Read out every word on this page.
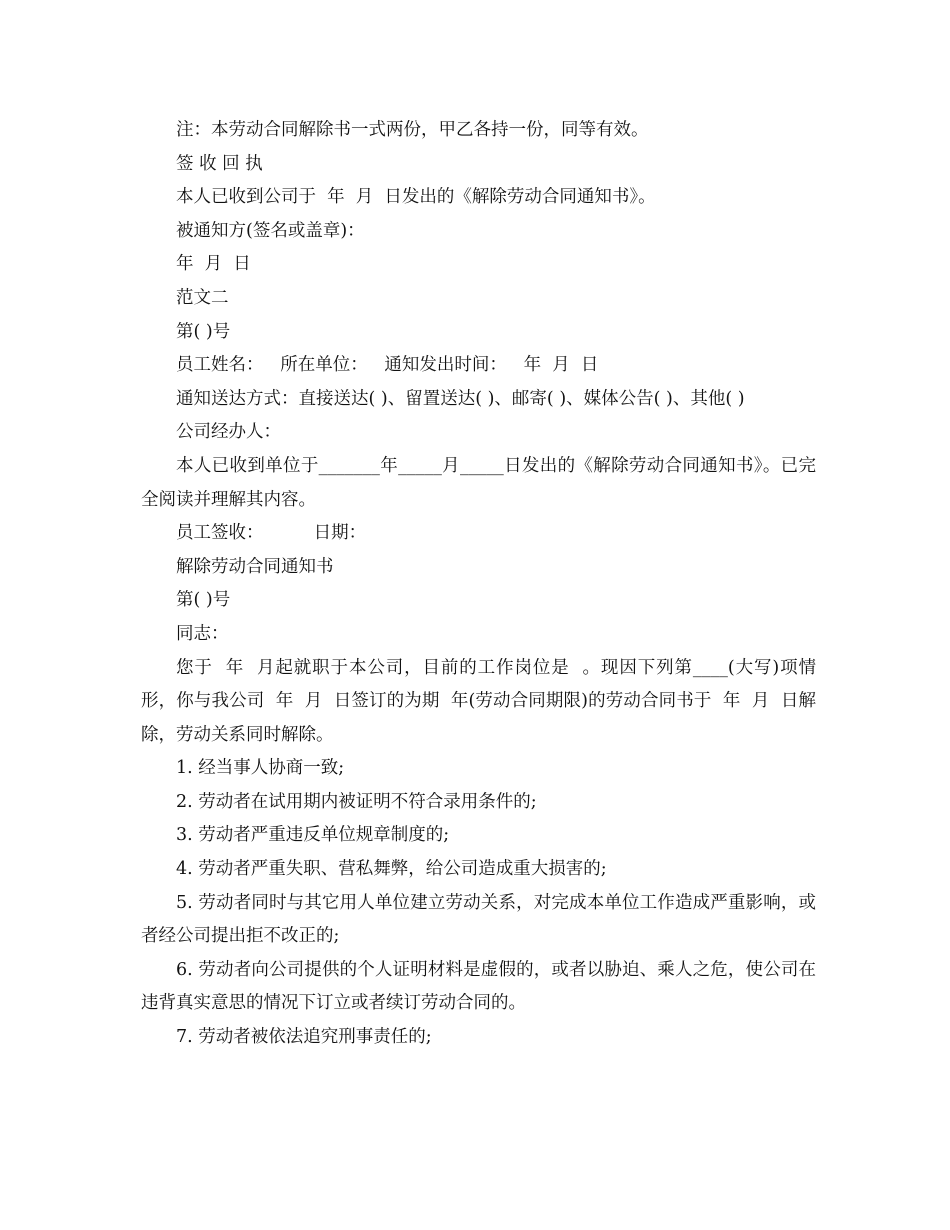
注：本劳动合同解除书一式两份，甲乙各持一份，同等有效。

签 收 回 执

本人已收到公司于  年  月  日发出的《解除劳动合同通知书》。

被通知方(签名或盖章)：

年  月  日

范文二

第( )号

员工姓名：   所在单位：   通知发出时间：   年  月  日

通知送达方式：直接送达( )、留置送达( )、邮寄( )、媒体公告( )、其他( )

公司经办人：

本人已收到单位于_______年_____月_____日发出的《解除劳动合同通知书》。已完全阅读并理解其内容。

员工签收：         日期：

解除劳动合同通知书

第( )号

同志：

您于  年  月起就职于本公司，目前的工作岗位是  。现因下列第____(大写)项情形，你与我公司  年  月  日签订的为期  年(劳动合同期限)的劳动合同书于  年  月  日解除，劳动关系同时解除。

1. 经当事人协商一致;

2. 劳动者在试用期内被证明不符合录用条件的;

3. 劳动者严重违反单位规章制度的;

4. 劳动者严重失职、营私舞弊，给公司造成重大损害的;

5. 劳动者同时与其它用人单位建立劳动关系，对完成本单位工作造成严重影响，或者经公司提出拒不改正的;

6. 劳动者向公司提供的个人证明材料是虚假的，或者以胁迫、乘人之危，使公司在违背真实意思的情况下订立或者续订劳动合同的。

7. 劳动者被依法追究刑事责任的;
